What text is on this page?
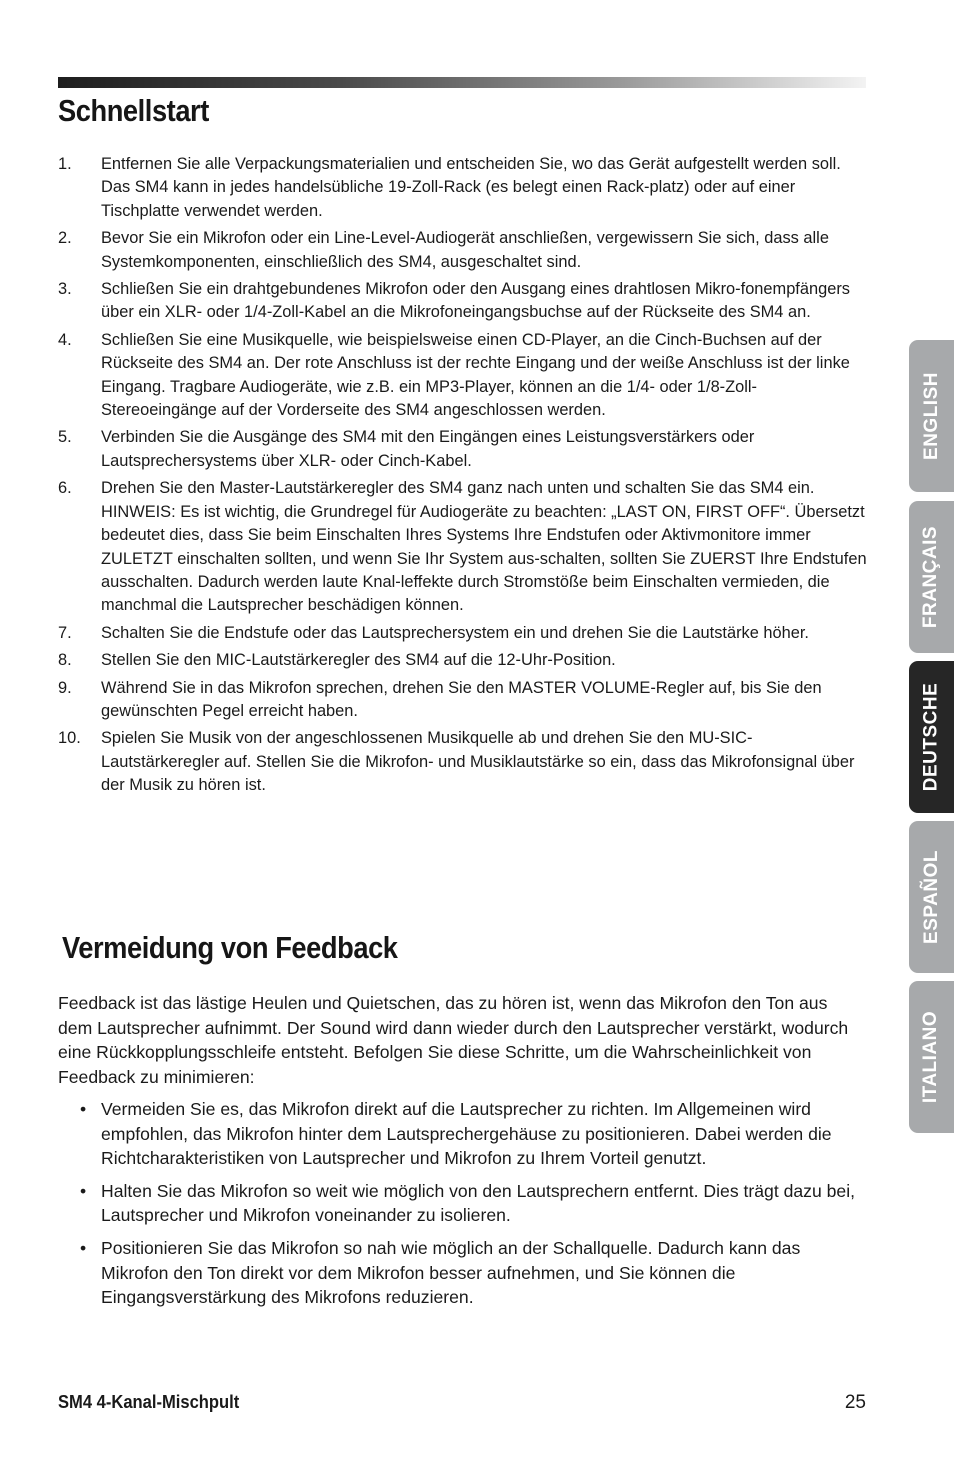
Schnellstart
1. Entfernen Sie alle Verpackungsmaterialien und entscheiden Sie, wo das Gerät aufgestellt werden soll. Das SM4 kann in jedes handelsübliche 19-Zoll-Rack (es belegt einen Rack-platz) oder auf einer Tischplatte verwendet werden.
2. Bevor Sie ein Mikrofon oder ein Line-Level-Audiogerät anschließen, vergewissern Sie sich, dass alle Systemkomponenten, einschließlich des SM4, ausgeschaltet sind.
3. Schließen Sie ein drahtgebundenes Mikrofon oder den Ausgang eines drahtlosen Mikro-fonempfängers über ein XLR- oder 1/4-Zoll-Kabel an die Mikrofoneingangsbuchse auf der Rückseite des SM4 an.
4. Schließen Sie eine Musikquelle, wie beispielsweise einen CD-Player, an die Cinch-Buchsen auf der Rückseite des SM4 an. Der rote Anschluss ist der rechte Eingang und der weiße Anschluss ist der linke Eingang. Tragbare Audiogeräte, wie z.B. ein MP3-Player, können an die 1/4- oder 1/8-Zoll-Stereoeingänge auf der Vorderseite des SM4 angeschlossen werden.
5. Verbinden Sie die Ausgänge des SM4 mit den Eingängen eines Leistungsverstärkers oder Lautsprechersystems über XLR- oder Cinch-Kabel.
6. Drehen Sie den Master-Lautstärkeregler des SM4 ganz nach unten und schalten Sie das SM4 ein.
HINWEIS: Es ist wichtig, die Grundregel für Audiogeräte zu beachten: „LAST ON, FIRST OFF“. Übersetzt bedeutet dies, dass Sie beim Einschalten Ihres Systems Ihre Endstufen oder Aktivmonitore immer ZULETZT einschalten sollten, und wenn Sie Ihr System aus-schalten, sollten Sie ZUERST Ihre Endstufen ausschalten. Dadurch werden laute Knal-leffekte durch Stromstöße beim Einschalten vermieden, die manchmal die Lautsprecher beschädigen können.
7. Schalten Sie die Endstufe oder das Lautsprechersystem ein und drehen Sie die Lautstärke höher.
8. Stellen Sie den MIC-Lautstärkeregler des SM4 auf die 12-Uhr-Position.
9. Während Sie in das Mikrofon sprechen, drehen Sie den MASTER VOLUME-Regler auf, bis Sie den gewünschten Pegel erreicht haben.
10. Spielen Sie Musik von der angeschlossenen Musikquelle ab und drehen Sie den MU-SIC-Lautstärkeregler auf. Stellen Sie die Mikrofon- und Musiklautstärke so ein, dass das Mikrofonsignal über der Musik zu hören ist.
Vermeidung von Feedback

Feedback ist das lästige Heulen und Quietschen, das zu hören ist, wenn das Mikrofon den Ton aus dem Lautsprecher aufnimmt. Der Sound wird dann wieder durch den Lautsprecher verstärkt, wodurch eine Rückkopplungsschleife entsteht. Befolgen Sie diese Schritte, um die Wahrscheinlichkeit von Feedback zu minimieren:

• Vermeiden Sie es, das Mikrofon direkt auf die Lautsprecher zu richten. Im Allgemeinen wird empfohlen, das Mikrofon hinter dem Lautsprechergehäuse zu positionieren. Dabei werden die Richtcharakteristiken von Lautsprecher und Mikrofon zu Ihrem Vorteil genutzt.
• Halten Sie das Mikrofon so weit wie möglich von den Lautsprechern entfernt. Dies trägt dazu bei, Lautsprecher und Mikrofon voneinander zu isolieren.
• Positionieren Sie das Mikrofon so nah wie möglich an der Schallquelle. Dadurch kann das Mikrofon den Ton direkt vor dem Mikrofon besser aufnehmen, und Sie können die Eingangsverstärkung des Mikrofons reduzieren.
SM4 4-Kanal-Mischpult	25
ENGLISH
FRANÇAIS
DEUTSCHE
ESPAÑOL
ITALIANO
